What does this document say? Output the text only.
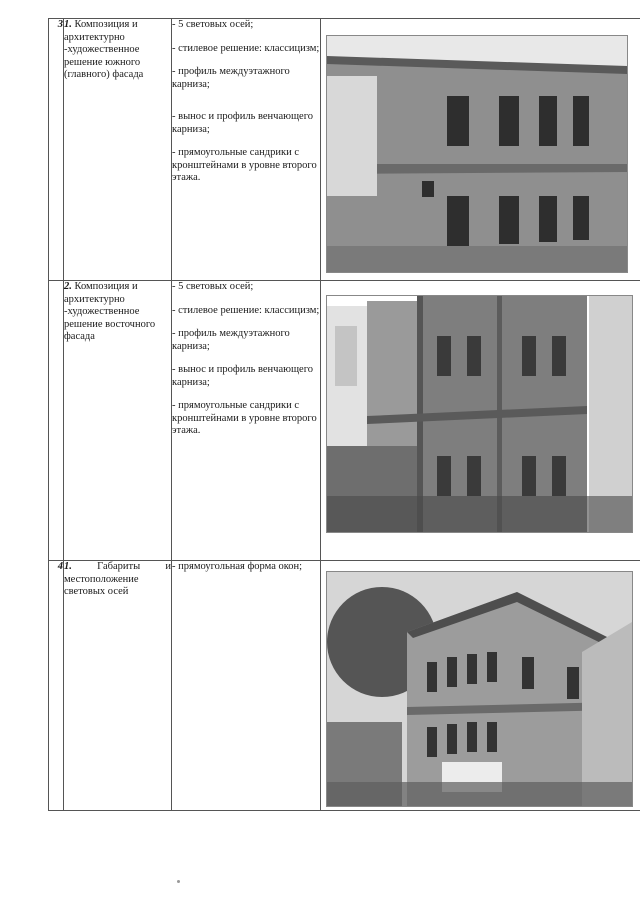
3	1. Композиция и архитектурно -художественное решение южного (главного) фасада	- 5 световых осей;

- стилевое решение: классицизм;

- профиль междуэтажного карниза;

- вынос и профиль венчающего карниза;

- прямоугольные сандрики с кронштейнами в уровне второго этажа.

	2. Композиция и архитектурно -художественное решение восточного фасада	- 5 световых осей;

- стилевое решение: классицизм;

- профиль междуэтажного карниза;

- вынос и профиль венчающего карниза;

- прямоугольные сандрики с кронштейнами в уровне второго этажа.

4	1. Габариты и местоположение световых осей	- прямоугольная форма окон;
